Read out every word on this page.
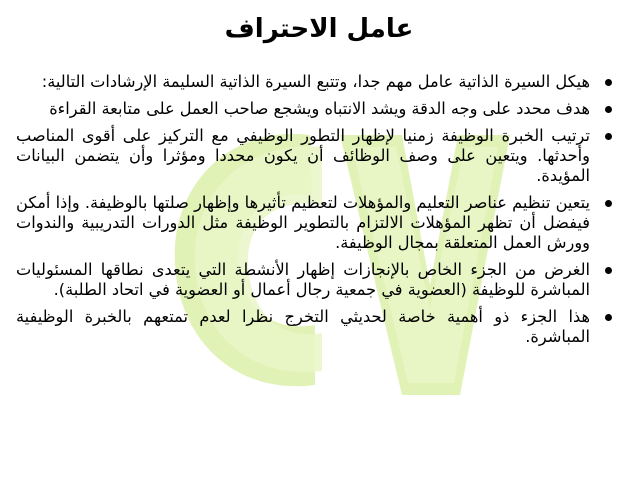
عامل الاحتراف
هيكل السيرة الذاتية عامل مهم جدا، وتتبع السيرة الذاتية السليمة الإرشادات التالية:
هدف محدد على وجه الدقة ويشد الانتباه ويشجع صاحب العمل على متابعة القراءة
ترتيب الخبرة الوظيفة زمنيا لإظهار التطور الوظيفي مع التركيز على أقوى المناصب وأحدثها. ويتعين على وصف الوظائف أن يكون محددا ومؤثرا وأن يتضمن البيانات المؤيدة.
يتعين تنظيم عناصر التعليم والمؤهلات لتعظيم تأثيرها وإظهار صلتها بالوظيفة. وإذا أمكن فيفضل أن تظهر المؤهلات الالتزام بالتطوير الوظيفة مثل الدورات التدريبية والندوات وورش العمل المتعلقة بمجال الوظيفة.
الغرض من الجزء الخاص بالإنجازات إظهار الأنشطة التي يتعدى نطاقها المسئوليات المباشرة للوظيفة (العضوية في جمعية رجال أعمال أو العضوية في اتحاد الطلبة).
هذا الجزء ذو أهمية خاصة لحديثي التخرج نظرا لعدم تمتعهم بالخبرة الوظيفية المباشرة.
